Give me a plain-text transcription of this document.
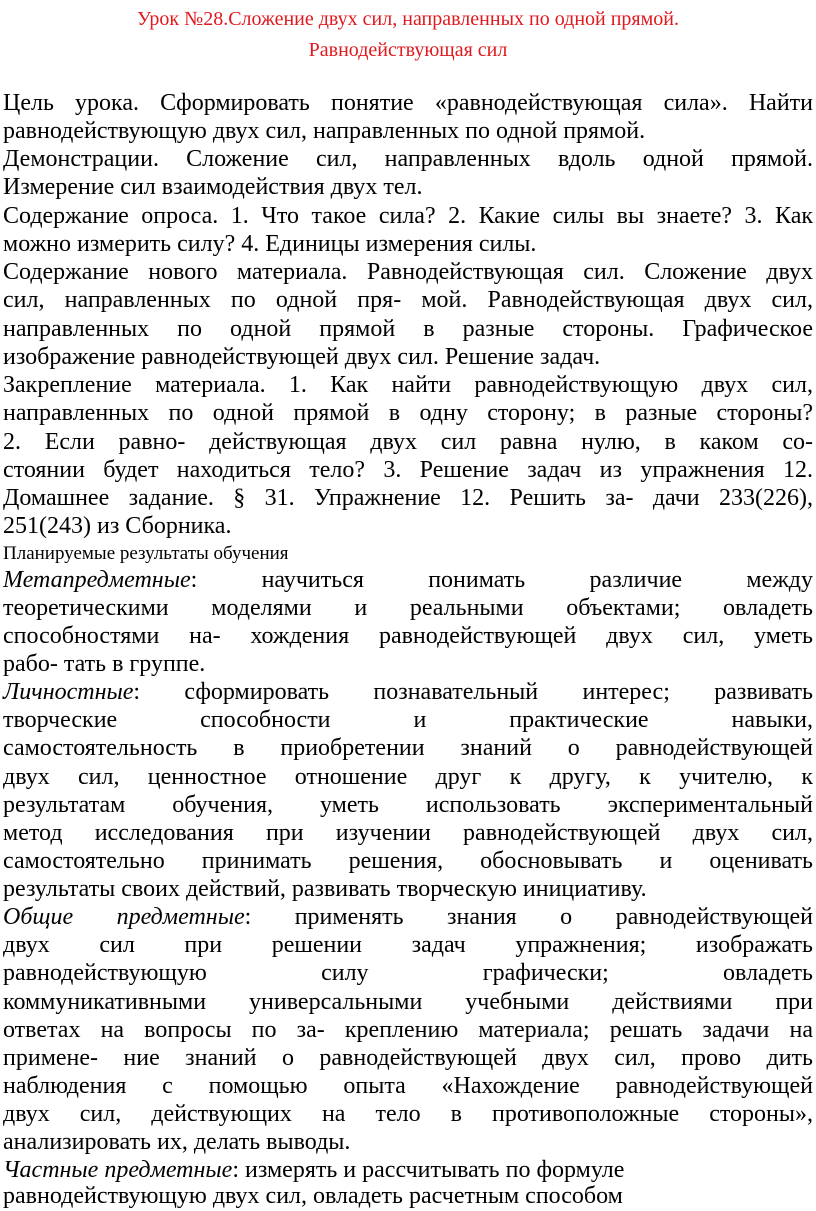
Урок №28.Сложение двух сил, направленных по одной прямой.
Равнодействующая сил
Цель урока. Сформировать понятие «равнодействующая сила». Найти
равнодействующую двух сил, направленных по одной прямой.
Демонстрации. Сложение сил, направленных вдоль одной прямой.
Измерение сил взаимодействия двух тел.
Содержание опроса. 1. Что такое сила? 2. Какие силы вы знаете? 3. Как
можно измерить силу? 4. Единицы измерения силы.
Содержание нового материала. Равнодействующая сил. Сложение двух
сил, направленных по одной пря- мой. Равнодействующая двух сил,
направленных по одной прямой в разные стороны. Графическое
изображение равнодействующей двух сил. Решение задач.
Закрепление материала. 1. Как найти равнодействующую двух сил,
направленных по одной прямой в одну сторону; в разные стороны?
2. Если равно- действующая двух сил равна нулю, в каком со-
стоянии будет находиться тело? 3. Решение задач из упражнения 12.
Домашнее задание. § 31. Упражнение 12. Решить за- дачи 233(226),
251(243) из Сборника.
Планируемые результаты обучения
Метапредметные: научиться понимать различие между
теоретическими моделями и реальными объектами; овладеть
способностями на- хождения равнодействующей двух сил, уметь
рабо- тать в группе.
Личностные: сформировать познавательный интерес; развивать
творческие способности и практические навыки,
самостоятельность в приобретении знаний о равнодействующей
двух сил, ценностное отношение друг к другу, к учителю, к
результатам обучения, уметь использовать экспериментальный
метод исследования при изучении равнодействующей двух сил,
самостоятельно принимать решения, обосновывать и оценивать
результаты своих действий, развивать творческую инициативу.
Общие предметные: применять знания о равнодействующей
двух сил при решении задач упражнения; изображать
равнодействующую силу графически; овладеть
коммуникативными универсальными учебными действиями при
ответах на вопросы по за- креплению материала; решать задачи на
примене- ние знаний о равнодействующей двух сил, прово дить
наблюдения с помощью опыта «Нахождение равнодействующей
двух сил, действующих на тело в противоположные стороны»,
анализировать их, делать выводы.
Частные предметные: измерять и рассчитывать по формуле
равнодействующую двух сил, овладеть расчетным способом
